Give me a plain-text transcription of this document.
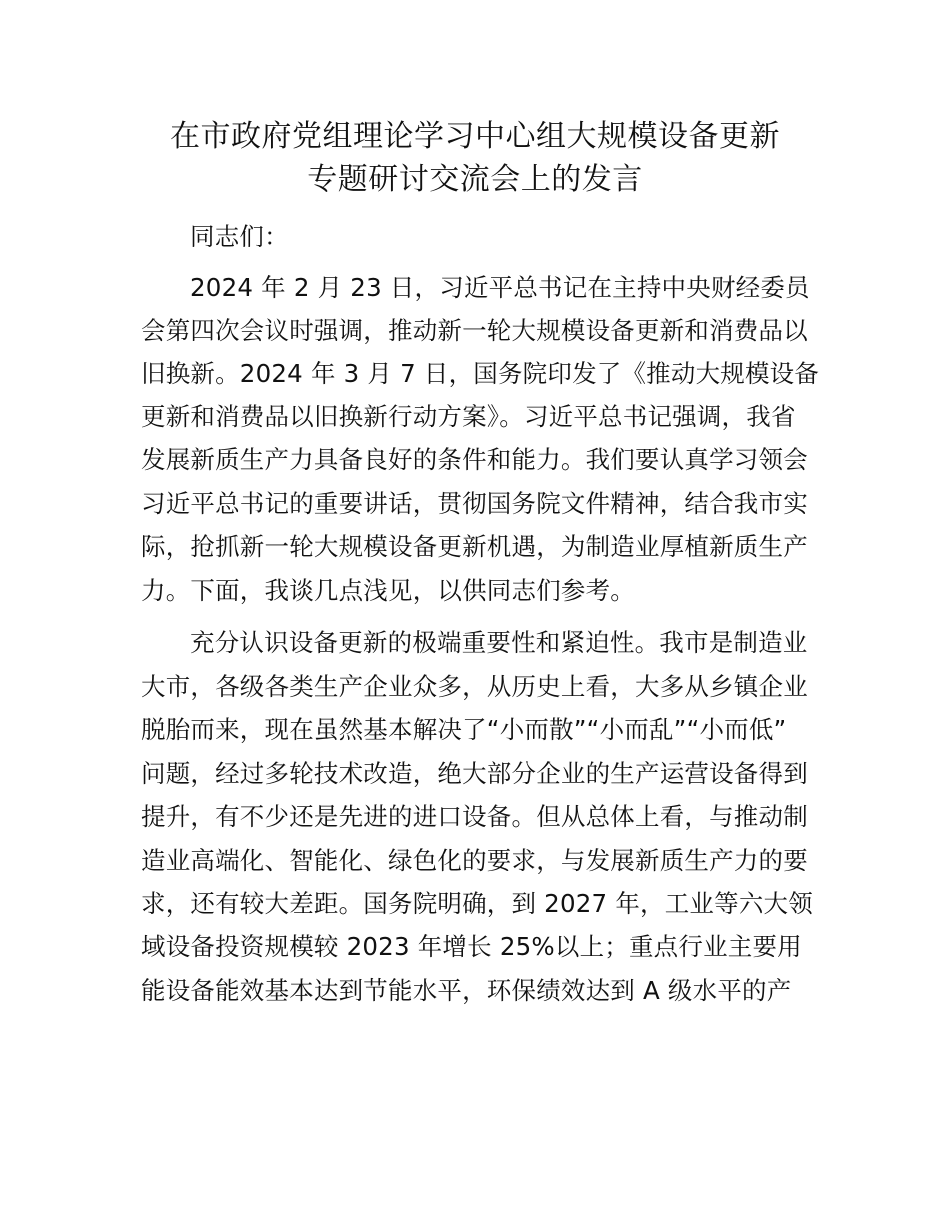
在市政府党组理论学习中心组大规模设备更新
专题研讨交流会上的发言
同志们：
2024 年 2 月 23 日，习近平总书记在主持中央财经委员
会第四次会议时强调，推动新一轮大规模设备更新和消费品以
旧换新。2024 年 3 月 7 日，国务院印发了《推动大规模设备
更新和消费品以旧换新行动方案》。习近平总书记强调，我省
发展新质生产力具备良好的条件和能力。我们要认真学习领会
习近平总书记的重要讲话，贯彻国务院文件精神，结合我市实
际，抢抓新一轮大规模设备更新机遇，为制造业厚植新质生产
力。下面，我谈几点浅见，以供同志们参考。
充分认识设备更新的极端重要性和紧迫性。我市是制造业
大市，各级各类生产企业众多，从历史上看，大多从乡镇企业
脱胎而来，现在虽然基本解决了“小而散”“小而乱”“小而低”
问题，经过多轮技术改造，绝大部分企业的生产运营设备得到
提升，有不少还是先进的进口设备。但从总体上看，与推动制
造业高端化、智能化、绿色化的要求，与发展新质生产力的要
求，还有较大差距。国务院明确，到 2027 年，工业等六大领
域设备投资规模较 2023 年增长 25%以上；重点行业主要用
能设备能效基本达到节能水平，环保绩效达到 A 级水平的产
